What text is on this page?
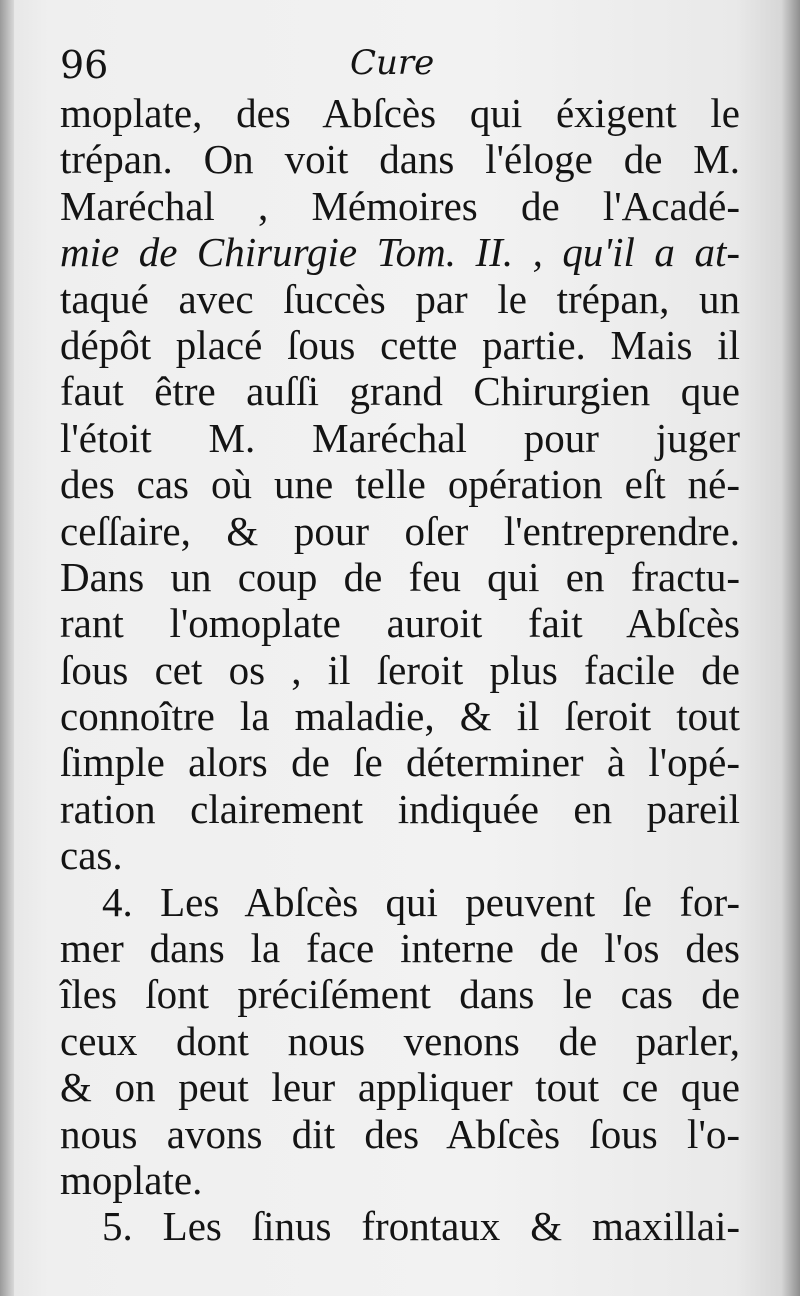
96	Cure
moplate, des Abſcès qui éxigent le
trépan. On voit dans l'éloge de M.
Maréchal , Mémoires de l'Acadé-
mie de Chirurgie Tom. II. , qu'il a at-
taqué avec ſuccès par le trépan, un
dépôt placé ſous cette partie. Mais il
faut être auſſi grand Chirurgien que
l'étoit M. Maréchal pour juger
des cas où une telle opération eſt né-
ceſſaire, & pour oſer l'entreprendre.
Dans un coup de feu qui en fractu-
rant l'omoplate auroit fait Abſcès
ſous cet os , il ſeroit plus facile de
connoître la maladie, & il ſeroit tout
ſimple alors de ſe déterminer à l'opé-
ration clairement indiquée en pareil
cas.
4. Les Abſcès qui peuvent ſe for-
mer dans la face interne de l'os des
îles ſont préciſément dans le cas de
ceux dont nous venons de parler,
& on peut leur appliquer tout ce que
nous avons dit des Abſcès ſous l'o-
moplate.
5. Les ſinus frontaux & maxillai-
